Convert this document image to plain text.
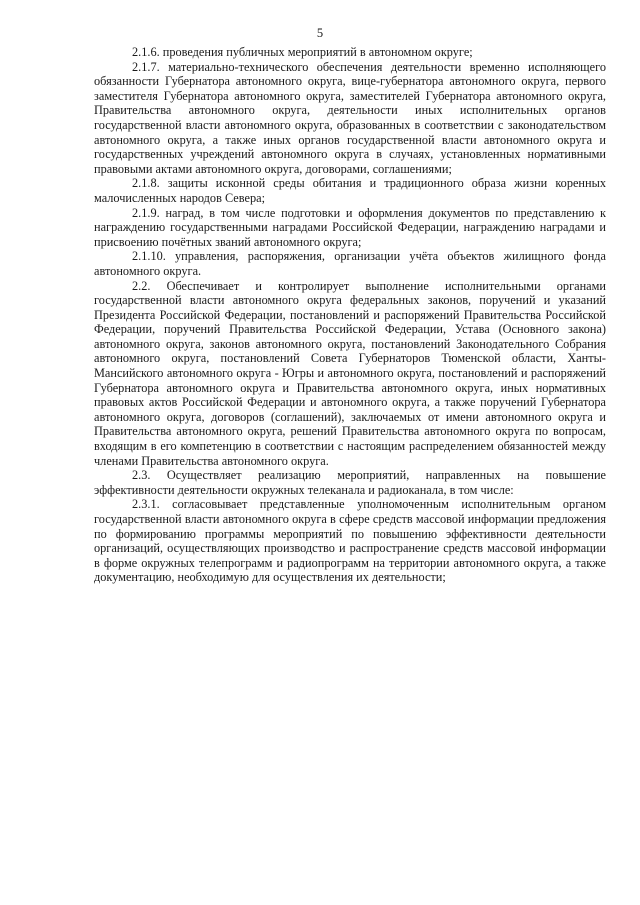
5

2.1.6. проведения публичных мероприятий в автономном округе;

2.1.7. материально-технического обеспечения деятельности временно исполняющего обязанности Губернатора автономного округа, вице-губернатора автономного округа, первого заместителя Губернатора автономного округа, заместителей Губернатора автономного округа, Правительства автономного округа, деятельности иных исполнительных органов государственной власти автономного округа, образованных в соответствии с законодательством автономного округа, а также иных органов государственной власти автономного округа и государственных учреждений автономного округа в случаях, установленных нормативными правовыми актами автономного округа, договорами, соглашениями;

2.1.8. защиты исконной среды обитания и традиционного образа жизни коренных малочисленных народов Севера;

2.1.9. наград, в том числе подготовки и оформления документов по представлению к награждению государственными наградами Российской Федерации, награждению наградами и присвоению почётных званий автономного округа;

2.1.10. управления, распоряжения, организации учёта объектов жилищного фонда автономного округа.

2.2. Обеспечивает и контролирует выполнение исполнительными органами государственной власти автономного округа федеральных законов, поручений и указаний Президента Российской Федерации, постановлений и распоряжений Правительства Российской Федерации, поручений Правительства Российской Федерации, Устава (Основного закона) автономного округа, законов автономного округа, постановлений Законодательного Собрания автономного округа, постановлений Совета Губернаторов Тюменской области, Ханты-Мансийского автономного округа - Югры и автономного округа, постановлений и распоряжений Губернатора автономного округа и Правительства автономного округа, иных нормативных правовых актов Российской Федерации и автономного округа, а также поручений Губернатора автономного округа, договоров (соглашений), заключаемых от имени автономного округа и Правительства автономного округа, решений Правительства автономного округа по вопросам, входящим в его компетенцию в соответствии с настоящим распределением обязанностей между членами Правительства автономного округа.

2.3. Осуществляет реализацию мероприятий, направленных на повышение эффективности деятельности окружных телеканала и радиоканала, в том числе:

2.3.1. согласовывает представленные уполномоченным исполнительным органом государственной власти автономного округа в сфере средств массовой информации предложения по формированию программы мероприятий по повышению эффективности деятельности организаций, осуществляющих производство и распространение средств массовой информации в форме окружных телепрограмм и радиопрограмм на территории автономного округа, а также документацию, необходимую для осуществления их деятельности;
